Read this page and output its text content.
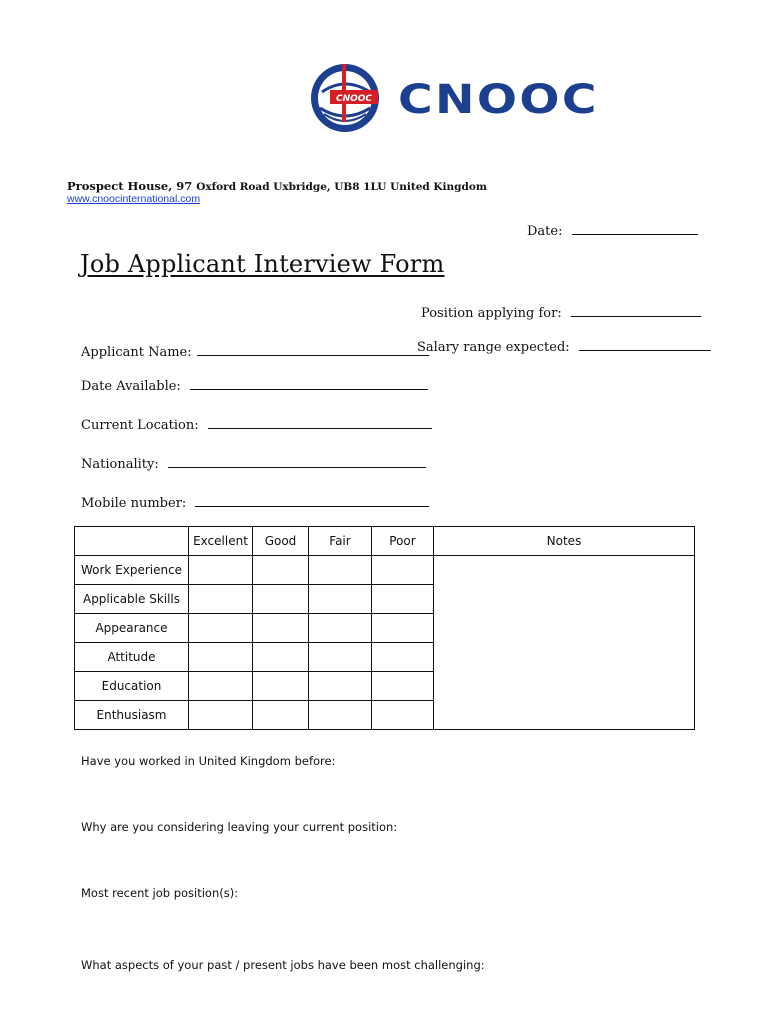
CNOOC CNOOC
Prospect House, 97 Oxford Road Uxbridge, UB8 1LU United Kingdom
www.cnoocinternational.com
Date:
Job Applicant Interview Form
Position applying for:
Salary range expected:
Applicant Name:
Date Available:
Current Location:
Nationality:
Mobile number:
	Excellent	Good	Fair	Poor	Notes
Work Experience					
Applicable Skills					
Appearance					
Attitude					
Education					
Enthusiasm					
Have you worked in United Kingdom before:
Why are you considering leaving your current position:
Most recent job position(s):
What aspects of your past / present jobs have been most challenging:
